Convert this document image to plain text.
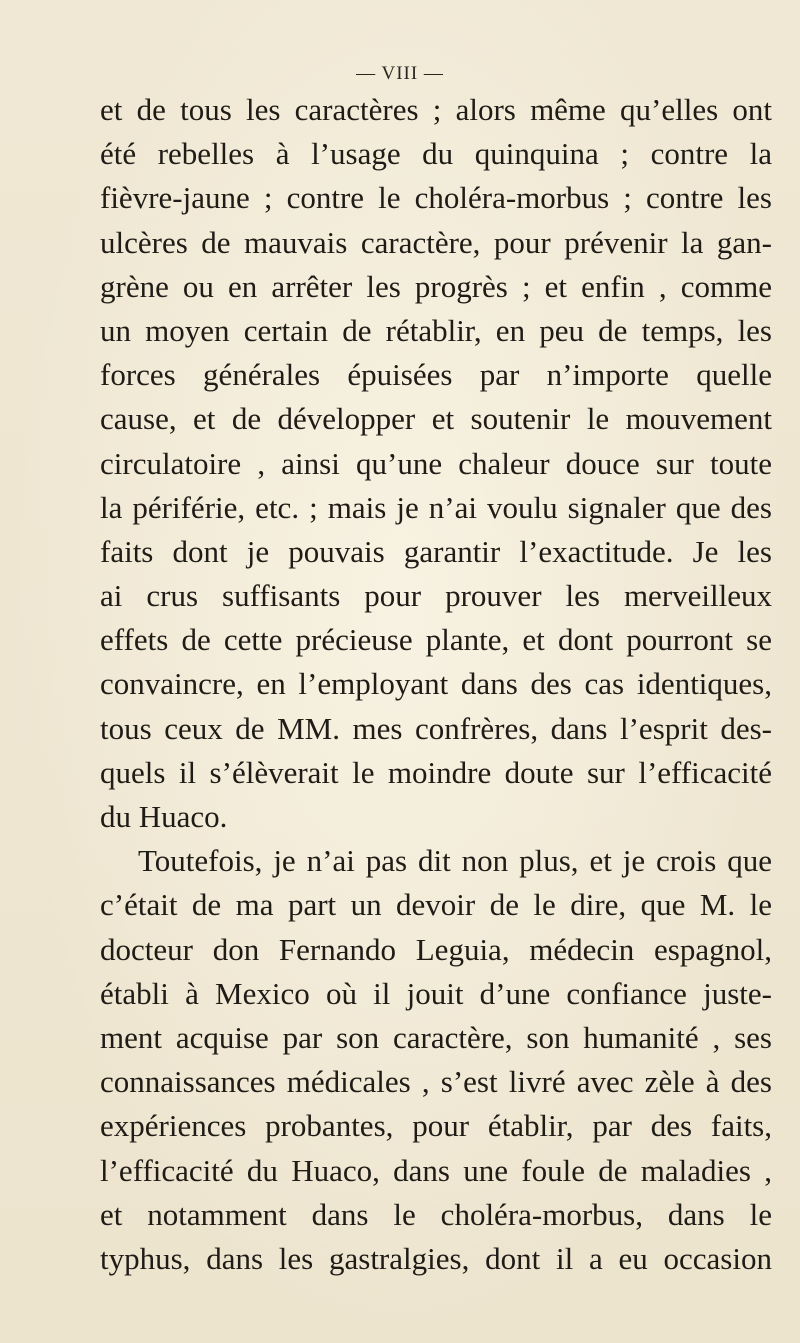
— VIII —
et de tous les caractères ; alors même qu’elles ont
été rebelles à l’usage du quinquina ; contre la
fièvre-jaune ; contre le choléra-morbus ; contre les
ulcères de mauvais caractère, pour prévenir la gan-
grène ou en arrêter les progrès ; et enfin , comme
un moyen certain de rétablir, en peu de temps, les
forces générales épuisées par n’importe quelle
cause, et de développer et soutenir le mouvement
circulatoire , ainsi qu’une chaleur douce sur toute
la périférie, etc. ; mais je n’ai voulu signaler que des
faits dont je pouvais garantir l’exactitude. Je les
ai crus suffisants pour prouver les merveilleux
effets de cette précieuse plante, et dont pourront se
convaincre, en l’employant dans des cas identiques,
tous ceux de MM. mes confrères, dans l’esprit des-
quels il s’élèverait le moindre doute sur l’efficacité
du Huaco.
Toutefois, je n’ai pas dit non plus, et je crois que
c’était de ma part un devoir de le dire, que M. le
docteur don Fernando Leguia, médecin espagnol,
établi à Mexico où il jouit d’une confiance juste-
ment acquise par son caractère, son humanité , ses
connaissances médicales , s’est livré avec zèle à des
expériences probantes, pour établir, par des faits,
l’efficacité du Huaco, dans une foule de maladies ,
et notamment dans le choléra-morbus, dans le
typhus, dans les gastralgies, dont il a eu occasion
